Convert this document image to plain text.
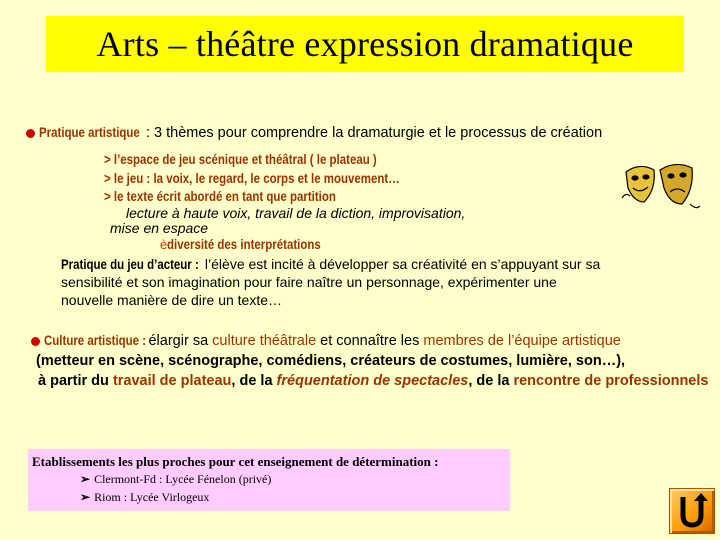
Arts – théâtre expression dramatique
Pratique artistique : 3 thèmes pour comprendre la dramaturgie et le processus de création
> l’espace de jeu scénique et théâtral ( le plateau )
> le jeu : la voix, le regard, le corps et le mouvement…
> le texte écrit abordé en tant que partition
lecture à haute voix, travail de la diction, improvisation,
mise en espace
èdiversité des interprétations
Pratique du jeu d’acteur : l’élève est incité à développer sa créativité en s’appuyant sur sa
sensibilité et son imagination pour faire naître un personnage, expérimenter une
nouvelle manière de dire un texte…
Culture artistique : élargir sa culture théâtrale et connaître les membres de l’équipe artistique
(metteur en scène, scénographe, comédiens, créateurs de costumes, lumière, son…),
à partir du travail de plateau, de la fréquentation de spectacles, de la rencontre de professionnels
Etablissements les plus proches pour cet enseignement de détermination :
➢ Clermont-Fd : Lycée Fénelon (privé)
➢ Riom : Lycée Virlogeux
